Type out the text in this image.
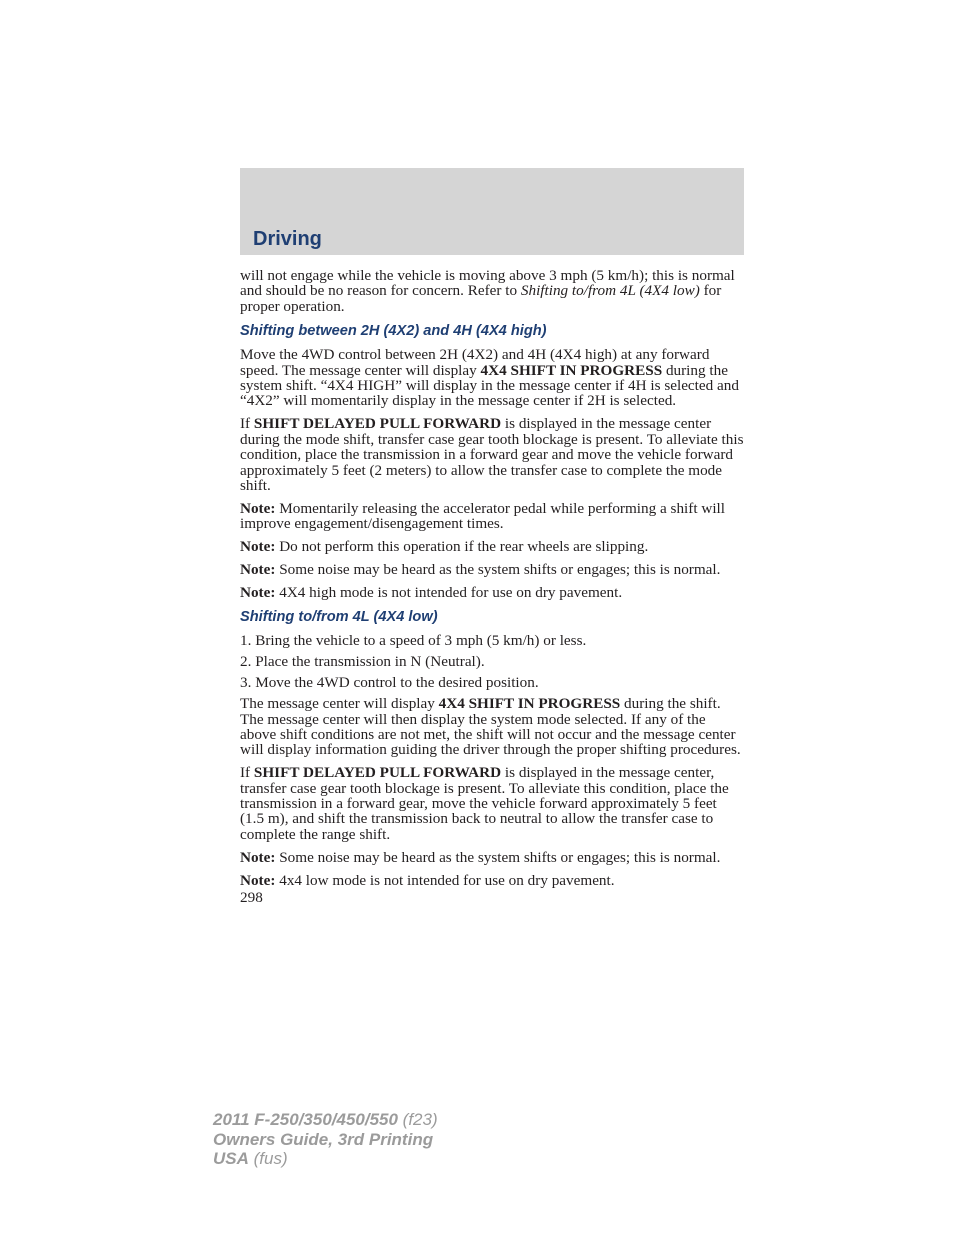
Driving

will not engage while the vehicle is moving above 3 mph (5 km/h); this is normal and should be no reason for concern. Refer to Shifting to/from 4L (4X4 low) for proper operation.

Shifting between 2H (4X2) and 4H (4X4 high)

Move the 4WD control between 2H (4X2) and 4H (4X4 high) at any forward speed. The message center will display 4X4 SHIFT IN PROGRESS during the system shift. “4X4 HIGH” will display in the message center if 4H is selected and “4X2” will momentarily display in the message center if 2H is selected.

If SHIFT DELAYED PULL FORWARD is displayed in the message center during the mode shift, transfer case gear tooth blockage is present. To alleviate this condition, place the transmission in a forward gear and move the vehicle forward approximately 5 feet (2 meters) to allow the transfer case to complete the mode shift.

Note: Momentarily releasing the accelerator pedal while performing a shift will improve engagement/disengagement times.

Note: Do not perform this operation if the rear wheels are slipping.

Note: Some noise may be heard as the system shifts or engages; this is normal.

Note: 4X4 high mode is not intended for use on dry pavement.

Shifting to/from 4L (4X4 low)

1. Bring the vehicle to a speed of 3 mph (5 km/h) or less.

2. Place the transmission in N (Neutral).

3. Move the 4WD control to the desired position.

The message center will display 4X4 SHIFT IN PROGRESS during the shift. The message center will then display the system mode selected. If any of the above shift conditions are not met, the shift will not occur and the message center will display information guiding the driver through the proper shifting procedures.

If SHIFT DELAYED PULL FORWARD is displayed in the message center, transfer case gear tooth blockage is present. To alleviate this condition, place the transmission in a forward gear, move the vehicle forward approximately 5 feet (1.5 m), and shift the transmission back to neutral to allow the transfer case to complete the range shift.

Note: Some noise may be heard as the system shifts or engages; this is normal.

Note: 4x4 low mode is not intended for use on dry pavement.

298

2011 F-250/350/450/550 (f23)
Owners Guide, 3rd Printing
USA (fus)
